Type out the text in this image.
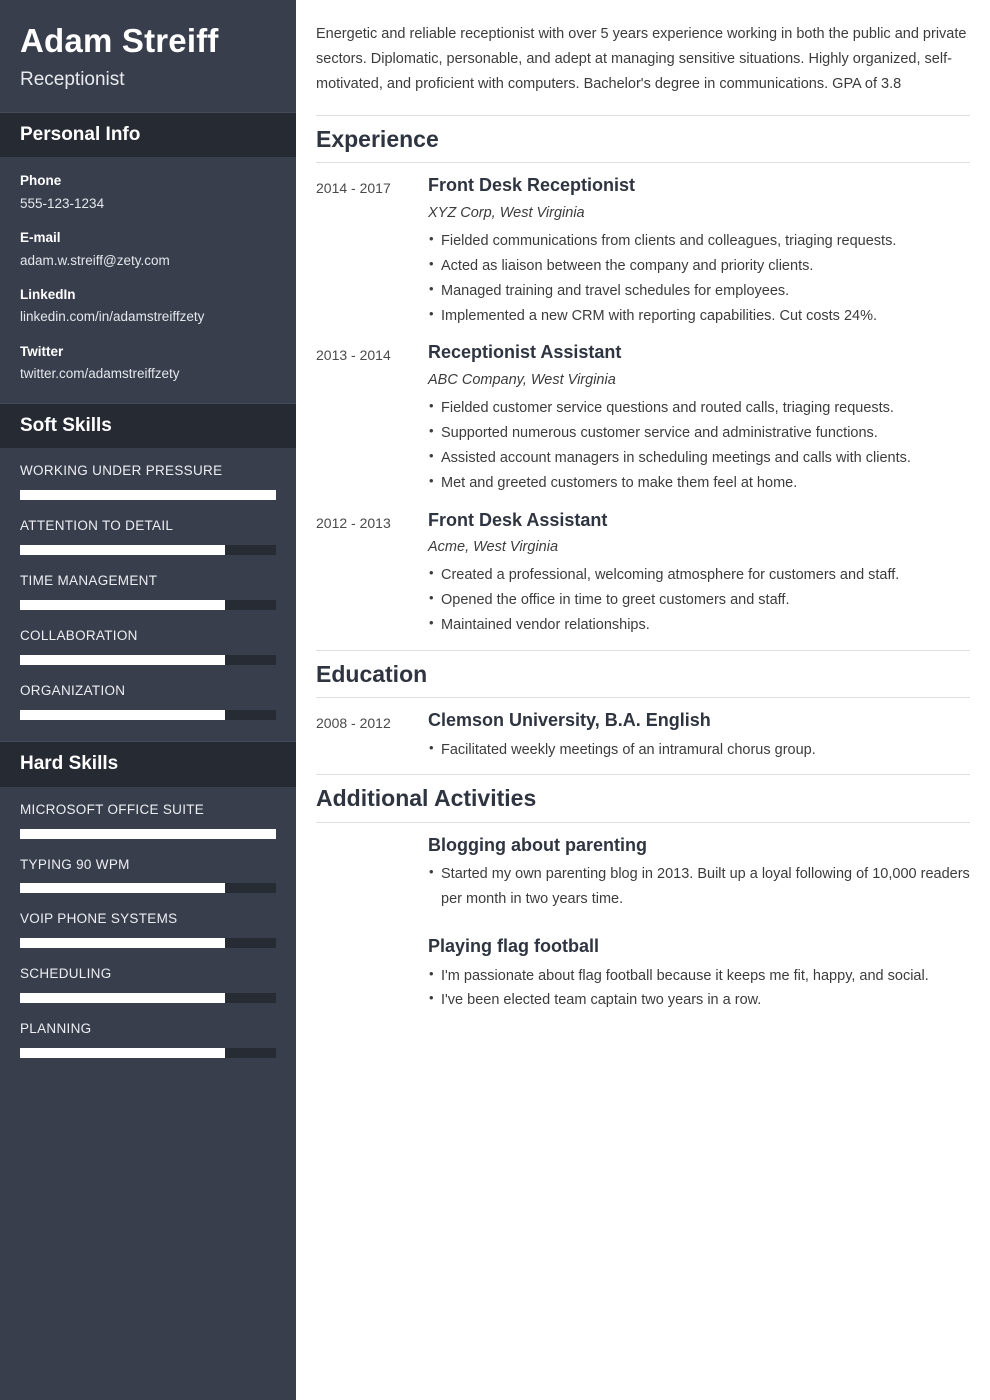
Adam Streiff
Receptionist
Personal Info
Phone
555-123-1234
E-mail
adam.w.streiff@zety.com
LinkedIn
linkedin.com/in/adamstreiffzety
Twitter
twitter.com/adamstreiffzety
Soft Skills
WORKING UNDER PRESSURE
ATTENTION TO DETAIL
TIME MANAGEMENT
COLLABORATION
ORGANIZATION
Hard Skills
MICROSOFT OFFICE SUITE
TYPING 90 WPM
VOIP PHONE SYSTEMS
SCHEDULING
PLANNING

Energetic and reliable receptionist with over 5 years experience working in both the public and private sectors. Diplomatic, personable, and adept at managing sensitive situations. Highly organized, self-motivated, and proficient with computers. Bachelor's degree in communications. GPA of 3.8

Experience
2014 - 2017	Front Desk Receptionist
XYZ Corp, West Virginia
• Fielded communications from clients and colleagues, triaging requests.
• Acted as liaison between the company and priority clients.
• Managed training and travel schedules for employees.
• Implemented a new CRM with reporting capabilities. Cut costs 24%.
2013 - 2014	Receptionist Assistant
ABC Company, West Virginia
• Fielded customer service questions and routed calls, triaging requests.
• Supported numerous customer service and administrative functions.
• Assisted account managers in scheduling meetings and calls with clients.
• Met and greeted customers to make them feel at home.
2012 - 2013	Front Desk Assistant
Acme, West Virginia
• Created a professional, welcoming atmosphere for customers and staff.
• Opened the office in time to greet customers and staff.
• Maintained vendor relationships.
Education
2008 - 2012	Clemson University, B.A. English
• Facilitated weekly meetings of an intramural chorus group.
Additional Activities
Blogging about parenting
• Started my own parenting blog in 2013. Built up a loyal following of 10,000 readers per month in two years time.
Playing flag football
• I'm passionate about flag football because it keeps me fit, happy, and social.
• I've been elected team captain two years in a row.
